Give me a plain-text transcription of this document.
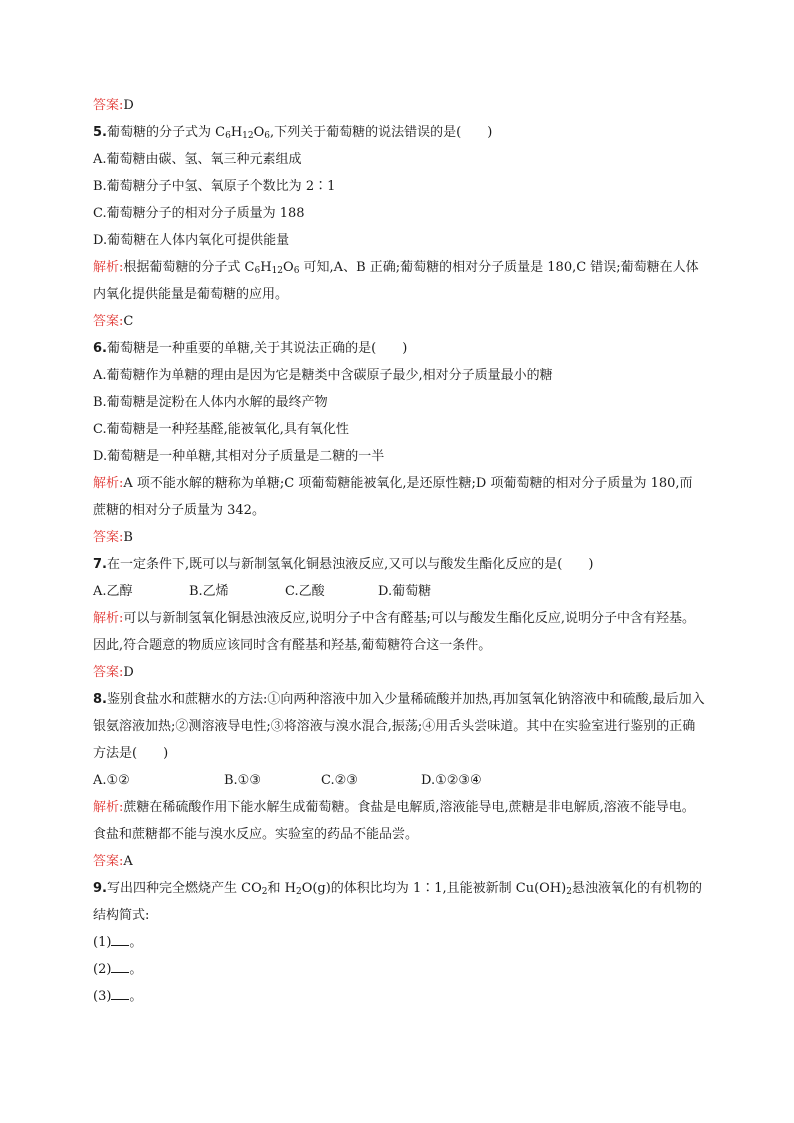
答案:D
5.葡萄糖的分子式为 $C_6H_{12}O_6$,下列关于葡萄糖的说法错误的是(　　)
A.葡萄糖由碳、氢、氧三种元素组成
B.葡萄糖分子中氢、氧原子个数比为 2∶1
C.葡萄糖分子的相对分子质量为 188
D.葡萄糖在人体内氧化可提供能量
解析:根据葡萄糖的分子式 $C_6H_{12}O_6$ 可知,A、B 正确;葡萄糖的相对分子质量是 180,C 错误;葡萄糖在人体内氧化提供能量是葡萄糖的应用。
答案:C
6.葡萄糖是一种重要的单糖,关于其说法正确的是(　　)
A.葡萄糖作为单糖的理由是因为它是糖类中含碳原子最少,相对分子质量最小的糖
B.葡萄糖是淀粉在人体内水解的最终产物
C.葡萄糖是一种羟基醛,能被氧化,具有氧化性
D.葡萄糖是一种单糖,其相对分子质量是二糖的一半
解析:A 项不能水解的糖称为单糖;C 项葡萄糖能被氧化,是还原性糖;D 项葡萄糖的相对分子质量为 180,而蔗糖的相对分子质量为 342。
答案:B
7.在一定条件下,既可以与新制氢氧化铜悬浊液反应,又可以与酸发生酯化反应的是(　　)
A.乙醇	B.乙烯	C.乙酸	D.葡萄糖
解析:可以与新制氢氧化铜悬浊液反应,说明分子中含有醛基;可以与酸发生酯化反应,说明分子中含有羟基。因此,符合题意的物质应该同时含有醛基和羟基,葡萄糖符合这一条件。
答案:D
8.鉴别食盐水和蔗糖水的方法:①向两种溶液中加入少量稀硫酸并加热,再加氢氧化钠溶液中和硫酸,最后加入银氨溶液加热;②测溶液导电性;③将溶液与溴水混合,振荡;④用舌头尝味道。其中在实验室进行鉴别的正确方法是(　　)
A.①②	B.①③	C.②③	D.①②③④
解析:蔗糖在稀硫酸作用下能水解生成葡萄糖。食盐是电解质,溶液能导电,蔗糖是非电解质,溶液不能导电。食盐和蔗糖都不能与溴水反应。实验室的药品不能品尝。
答案:A
9.写出四种完全燃烧产生 $CO_2$和 $H_2O(g)$的体积比均为 1∶1,且能被新制 $Cu(OH)_2$悬浊液氧化的有机物的结构简式:
(1) 。
(2) 。
(3) 。
